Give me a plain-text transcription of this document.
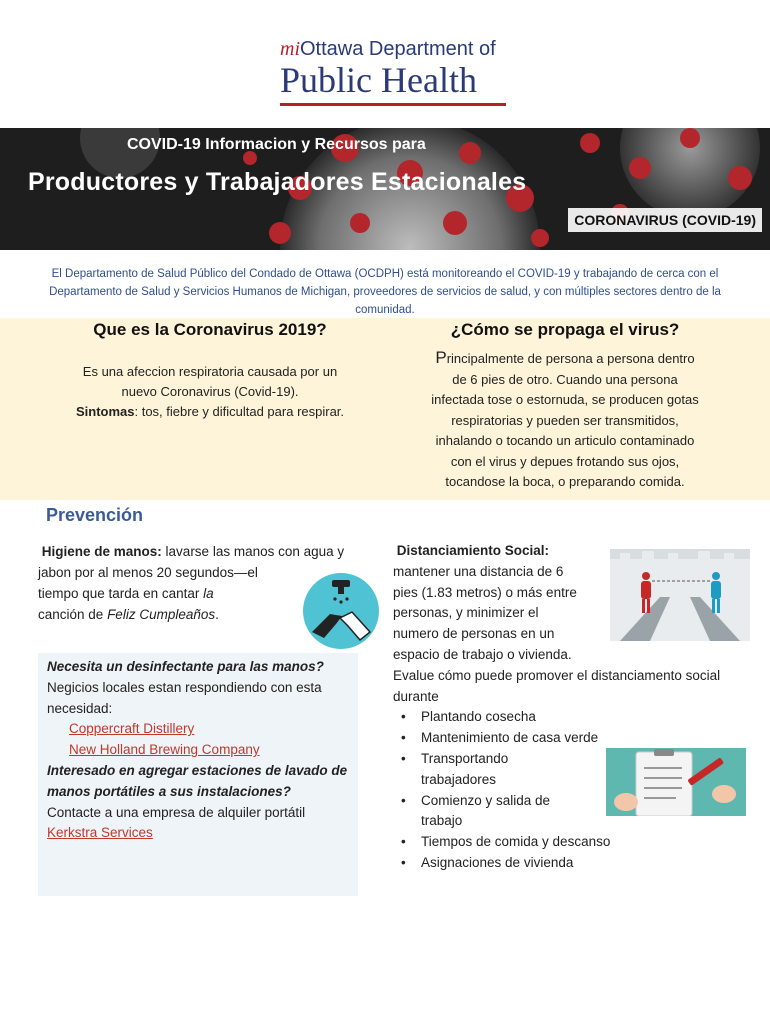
miOttawa Department of
Public Health
COVID-19 Informacion y Recursos para
Productores y Trabajadores Estacionales
CORONAVIRUS (COVID-19)
El Departamento de Salud Público del Condado de Ottawa (OCDPH) está monitoreando el COVID-19 y trabajando de cerca con el Departamento de Salud y Servicios Humanos de Michigan, proveedores de servicios de salud, y con múltiples sectores dentro de la comunidad.
Que es la Coronavirus 2019?
Es una afeccion respiratoria causada por un
nuevo Coronavirus (Covid-19).
Sintomas: tos, fiebre y dificultad para respirar.
¿Cómo se propaga el virus?
Principalmente de persona a persona dentro
de 6 pies de otro. Cuando una persona
infectada tose o estornuda, se producen gotas
respiratorias y pueden ser transmitidos,
inhalando o tocando un articulo contaminado
con el virus y depues frotando sus ojos,
tocandose la boca, o preparando comida.
Prevención
Higiene de manos: lavarse las manos con agua y
jabon por al menos 20 segundos—el
tiempo que tarda en cantar la
canción de Feliz Cumpleaños.
Necesita un desinfectante para las manos?
Negicios locales estan respondiendo con esta necesidad:
Coppercraft Distillery
New Holland Brewing Company
Interesado en agregar estaciones de lavado de manos portátiles a sus instalaciones?
Contacte a una empresa de alquiler portátil
Kerkstra Services
Distanciamiento Social:
mantener una distancia de 6
pies (1.83 metros) o más entre
personas, y minimizer el
numero de personas en un
espacio de trabajo o vivienda.
Evalue cómo puede promover el distanciamento social durante
• Plantando cosecha
• Mantenimiento de casa verde
• Transportando trabajadores
• Comienzo y salida de trabajo
• Tiempos de comida y descanso
• Asignaciones de vivienda
